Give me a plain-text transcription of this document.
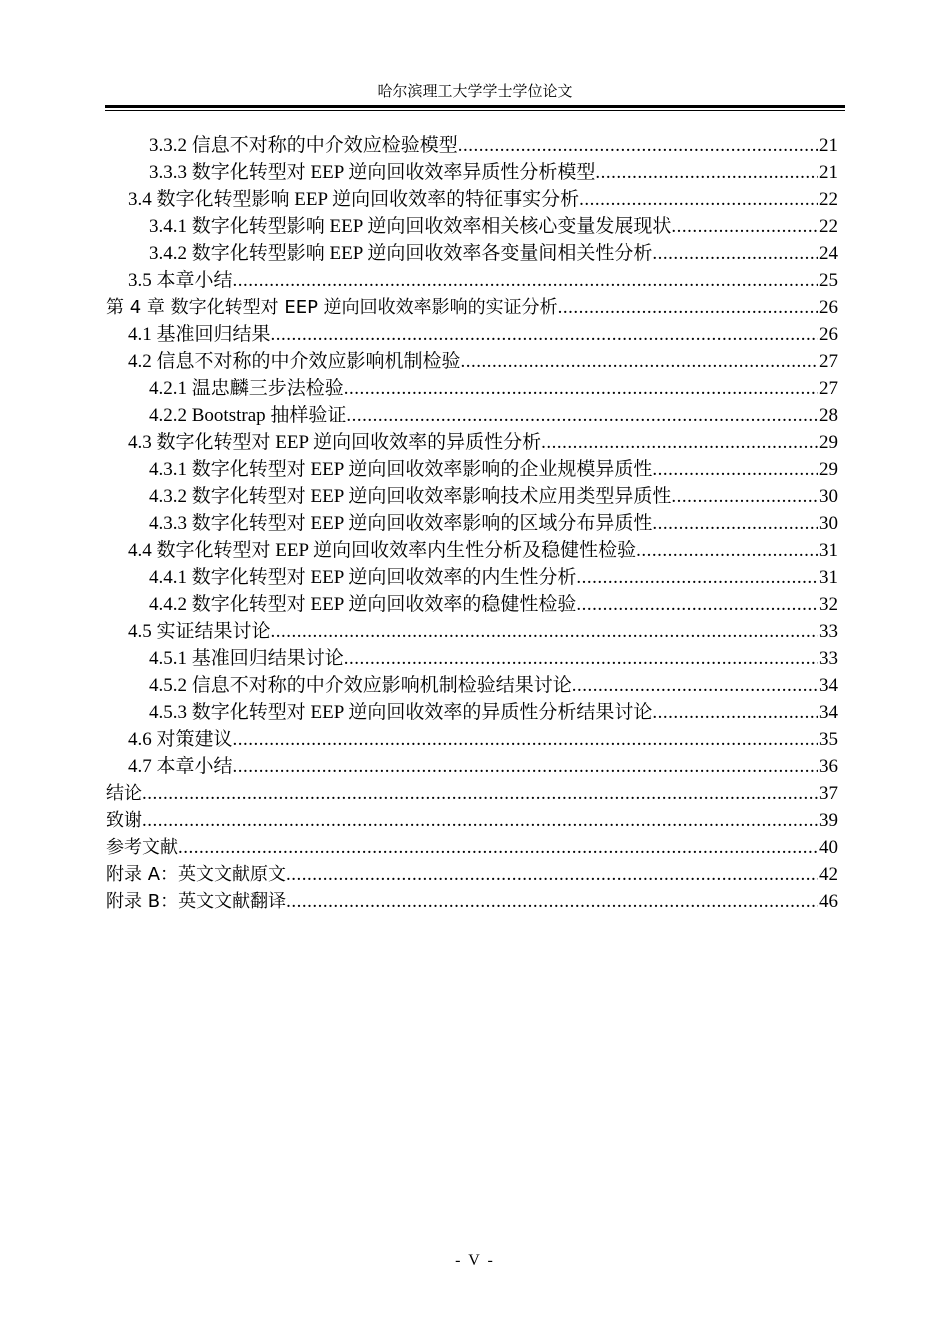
哈尔滨理工大学学士学位论文
3.3.2 信息不对称的中介效应检验模型 .....	21
3.3.3 数字化转型对 EEP 逆向回收效率异质性分析模型 .....	21
3.4 数字化转型影响 EEP 逆向回收效率的特征事实分析 .....	22
3.4.1 数字化转型影响 EEP 逆向回收效率相关核心变量发展现状 .....	22
3.4.2 数字化转型影响 EEP 逆向回收效率各变量间相关性分析 .....	24
3.5 本章小结 .....	25
第 4 章 数字化转型对 EEP 逆向回收效率影响的实证分析 .....	26
4.1 基准回归结果 .....	26
4.2 信息不对称的中介效应影响机制检验 .....	27
4.2.1 温忠麟三步法检验 .....	27
4.2.2 Bootstrap 抽样验证 .....	28
4.3 数字化转型对 EEP 逆向回收效率的异质性分析 .....	29
4.3.1 数字化转型对 EEP 逆向回收效率影响的企业规模异质性 .....	29
4.3.2 数字化转型对 EEP 逆向回收效率影响技术应用类型异质性 .....	30
4.3.3 数字化转型对 EEP 逆向回收效率影响的区域分布异质性 .....	30
4.4 数字化转型对 EEP 逆向回收效率内生性分析及稳健性检验 .....	31
4.4.1 数字化转型对 EEP 逆向回收效率的内生性分析 .....	31
4.4.2 数字化转型对 EEP 逆向回收效率的稳健性检验 .....	32
4.5 实证结果讨论 .....	33
4.5.1 基准回归结果讨论 .....	33
4.5.2 信息不对称的中介效应影响机制检验结果讨论 .....	34
4.5.3 数字化转型对 EEP 逆向回收效率的异质性分析结果讨论 .....	34
4.6 对策建议 .....	35
4.7 本章小结 .....	36
结论 .....	37
致谢 .....	39
参考文献 .....	40
附录 A：英文文献原文 .....	42
附录 B：英文文献翻译 .....	46
- V -
